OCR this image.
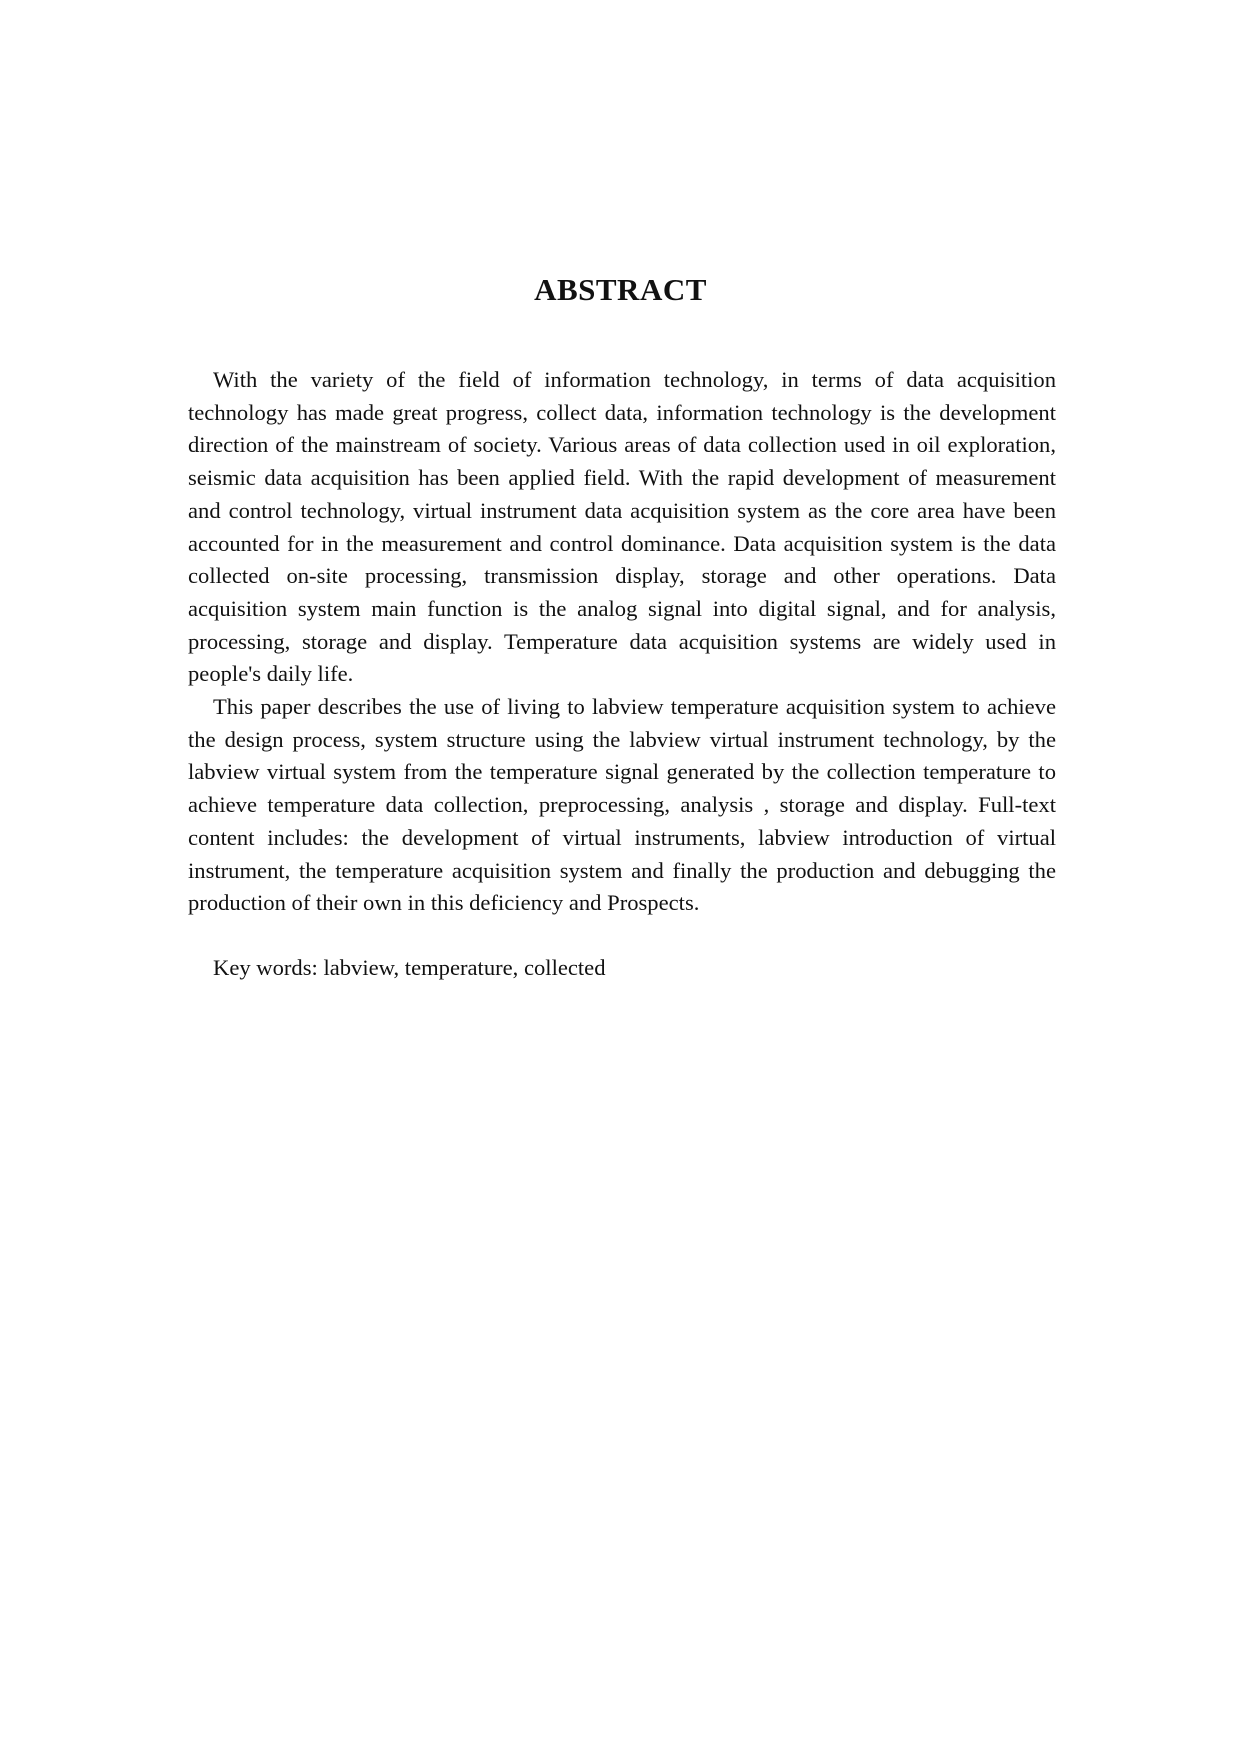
ABSTRACT

With the variety of the field of information technology, in terms of data acquisition technology has made great progress, collect data, information technology is the development direction of the mainstream of society. Various areas of data collection used in oil exploration, seismic data acquisition has been applied field. With the rapid development of measurement and control technology, virtual instrument data acquisition system as the core area have been accounted for in the measurement and control dominance. Data acquisition system is the data collected on-site processing, transmission display, storage and other operations. Data acquisition system main function is the analog signal into digital signal, and for analysis, processing, storage and display. Temperature data acquisition systems are widely used in people's daily life.

This paper describes the use of living to labview temperature acquisition system to achieve the design process, system structure using the labview virtual instrument technology, by the labview virtual system from the temperature signal generated by the collection temperature to achieve temperature data collection, preprocessing, analysis , storage and display. Full-text content includes: the development of virtual instruments, labview introduction of virtual instrument, the temperature acquisition system and finally the production and debugging the production of their own in this deficiency and Prospects.

Key words: labview, temperature, collected
